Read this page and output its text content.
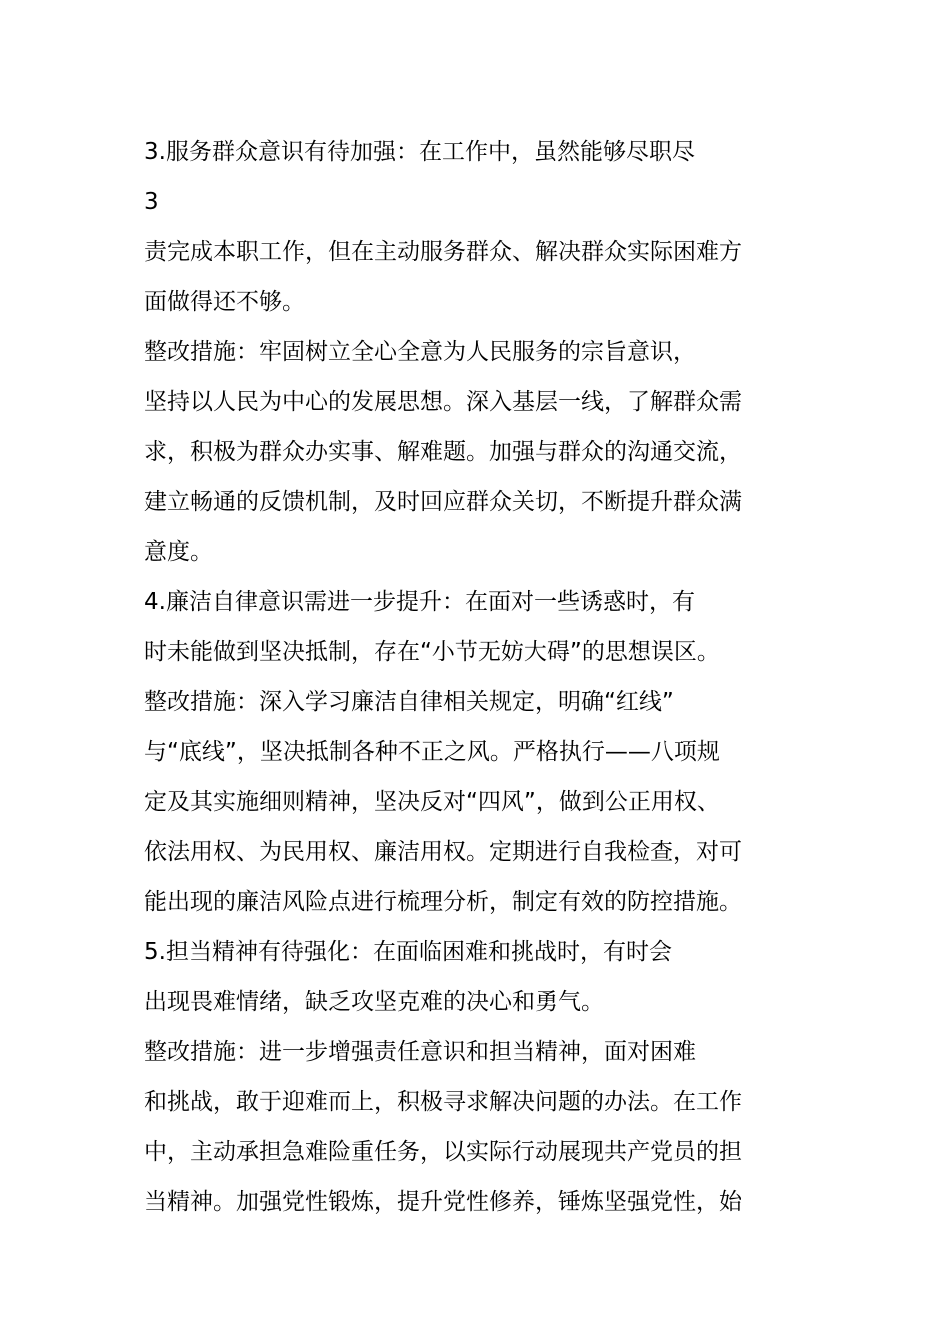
3.服务群众意识有待加强：在工作中，虽然能够尽职尽
3
责完成本职工作，但在主动服务群众、解决群众实际困难方
面做得还不够。
整改措施：牢固树立全心全意为人民服务的宗旨意识，
坚持以人民为中心的发展思想。深入基层一线，了解群众需
求，积极为群众办实事、解难题。加强与群众的沟通交流，
建立畅通的反馈机制，及时回应群众关切，不断提升群众满
意度。
4.廉洁自律意识需进一步提升：在面对一些诱惑时，有
时未能做到坚决抵制，存在“小节无妨大碍”的思想误区。
整改措施：深入学习廉洁自律相关规定，明确“红线”
与“底线”，坚决抵制各种不正之风。严格执行——八项规
定及其实施细则精神，坚决反对“四风”，做到公正用权、
依法用权、为民用权、廉洁用权。定期进行自我检查，对可
能出现的廉洁风险点进行梳理分析，制定有效的防控措施。
5.担当精神有待强化：在面临困难和挑战时，有时会
出现畏难情绪，缺乏攻坚克难的决心和勇气。
整改措施：进一步增强责任意识和担当精神，面对困难
和挑战，敢于迎难而上，积极寻求解决问题的办法。在工作
中，主动承担急难险重任务，以实际行动展现共产党员的担
当精神。加强党性锻炼，提升党性修养，锤炼坚强党性，始
